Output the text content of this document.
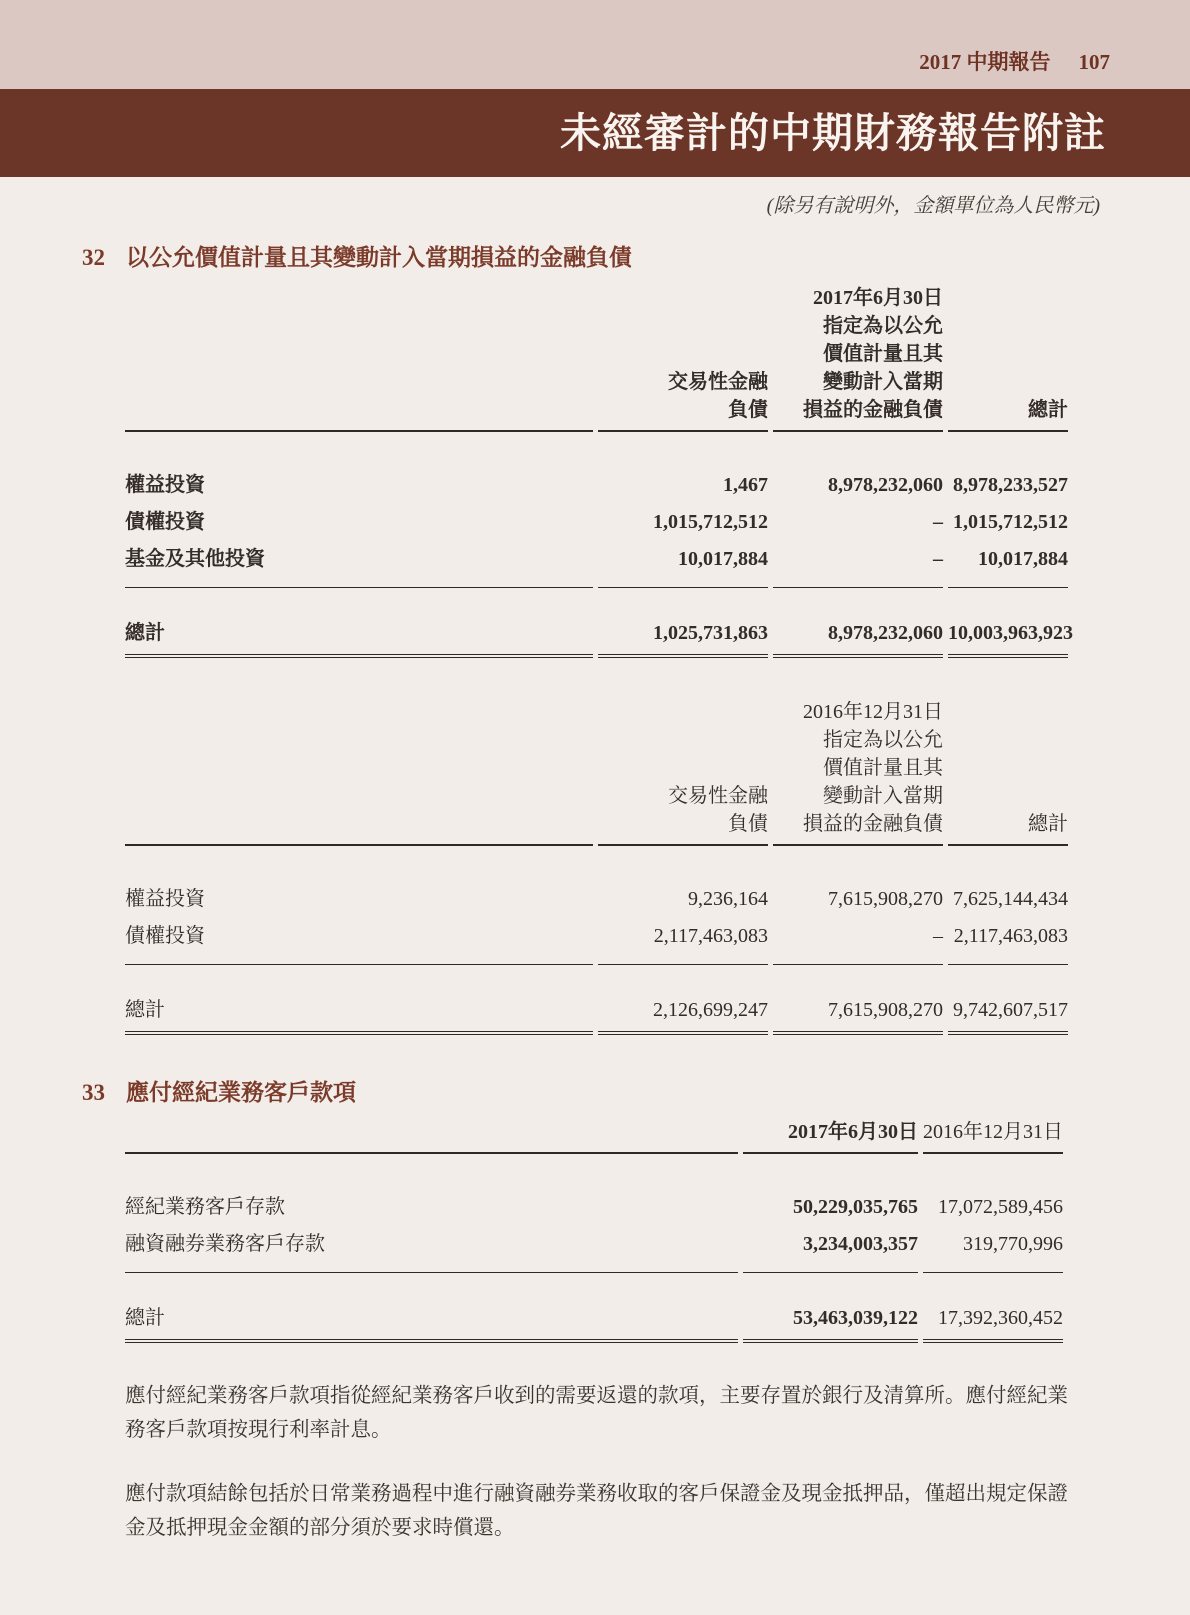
2017 中期報告 107
未經審計的中期財務報告附註
(除另有說明外，金額單位為人民幣元)
32 以公允價值計量且其變動計入當期損益的金融負債
		2017年6月30日	
		指定為以公允	
		價值計量且其	
	交易性金融	變動計入當期	
	負債	損益的金融負債	總計
權益投資	1,467	8,978,232,060	8,978,233,527
債權投資	1,015,712,512	–	1,015,712,512
基金及其他投資	10,017,884	–	10,017,884
總計	1,025,731,863	8,978,232,060	10,003,963,923
		2016年12月31日	
		指定為以公允	
		價值計量且其	
	交易性金融	變動計入當期	
	負債	損益的金融負債	總計
權益投資	9,236,164	7,615,908,270	7,625,144,434
債權投資	2,117,463,083	–	2,117,463,083
總計	2,126,699,247	7,615,908,270	9,742,607,517
33 應付經紀業務客戶款項
	2017年6月30日	2016年12月31日
經紀業務客戶存款	50,229,035,765	17,072,589,456
融資融券業務客戶存款	3,234,003,357	319,770,996
總計	53,463,039,122	17,392,360,452

應付經紀業務客戶款項指從經紀業務客戶收到的需要返還的款項，主要存置於銀行及清算所。應付經紀業務客戶款項按現行利率計息。

應付款項結餘包括於日常業務過程中進行融資融券業務收取的客戶保證金及現金抵押品，僅超出規定保證金及抵押現金金額的部分須於要求時償還。
